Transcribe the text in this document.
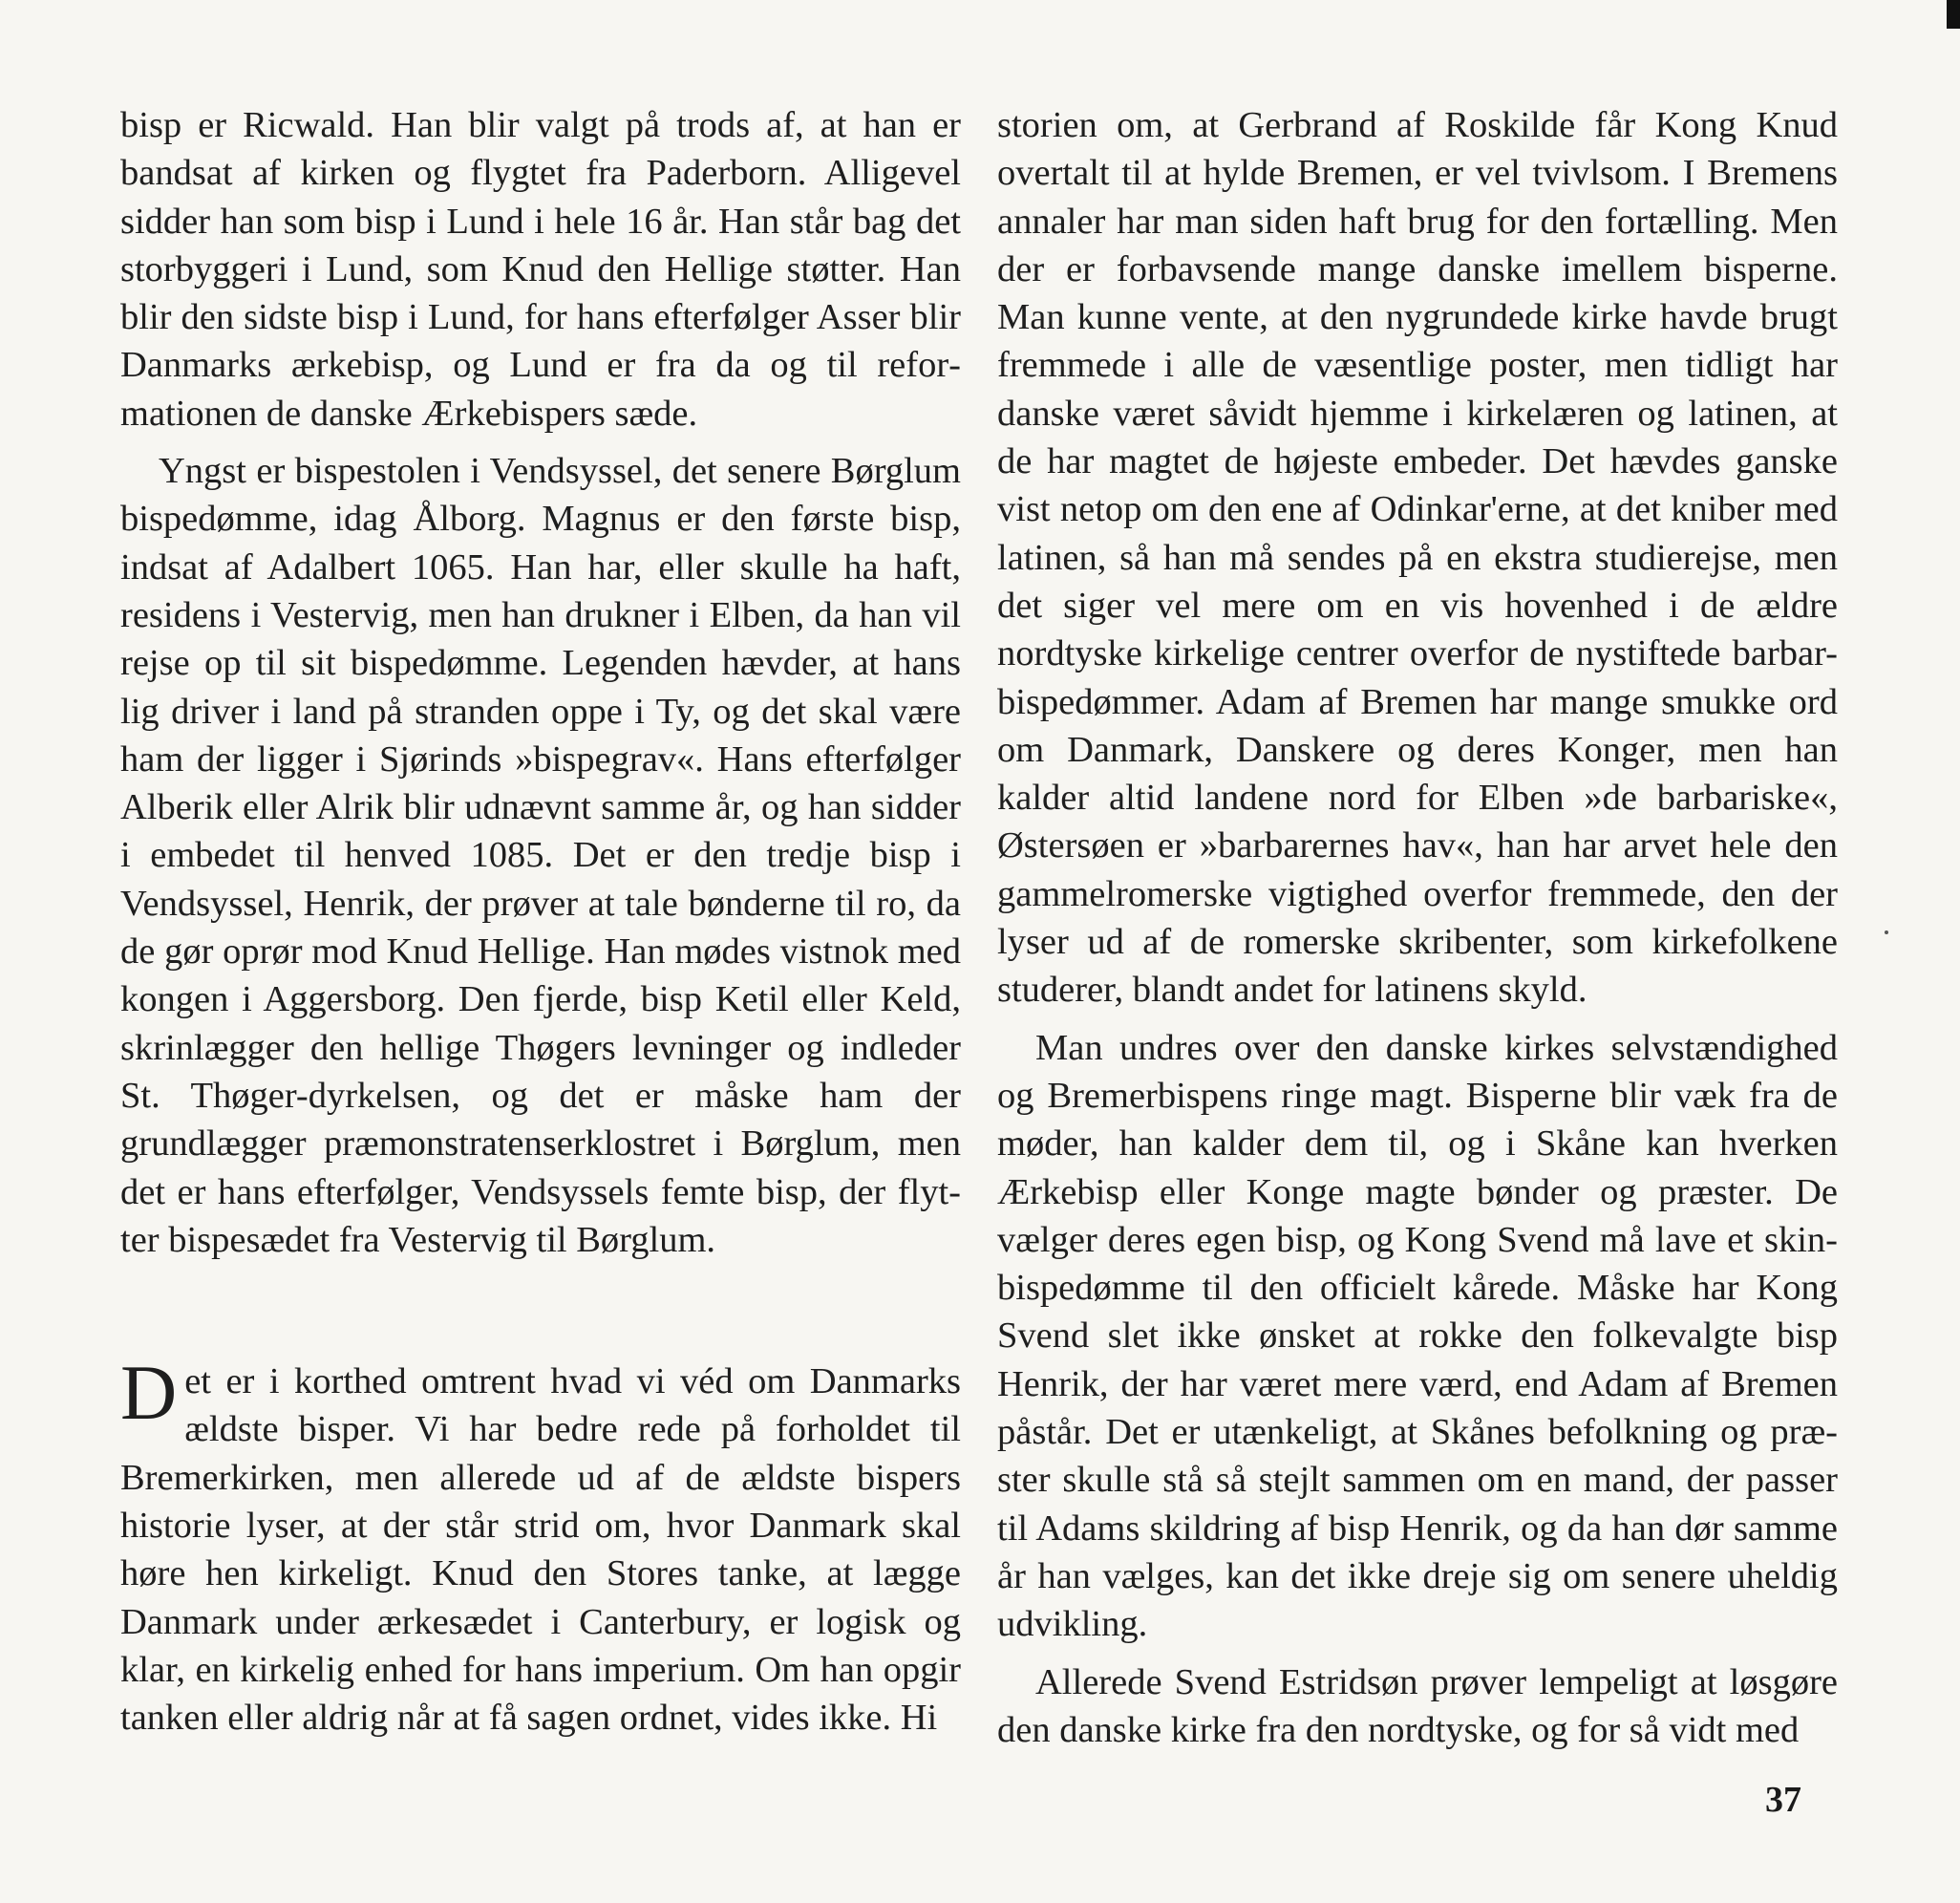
bisp er Ricwald. Han blir valgt på trods af, at han er bandsat af kirken og flygtet fra Paderborn. Alligevel sidder han som bisp i Lund i hele 16 år. Han står bag det storbyggeri i Lund, som Knud den Hellige støtter. Han blir den sidste bisp i Lund, for hans efterfølger Asser blir Danmarks ærkebisp, og Lund er fra da og til reformationen de danske Ærkebispers sæde.

Yngst er bispestolen i Vendsyssel, det senere Børglum bispedømme, idag Ålborg. Magnus er den første bisp, indsat af Adalbert 1065. Han har, eller skulle ha haft, residens i Vestervig, men han drukner i Elben, da han vil rejse op til sit bispedømme. Legenden hævder, at hans lig driver i land på stranden oppe i Ty, og det skal være ham der ligger i Sjørinds »bispegrav«. Hans efterfølger Alberik eller Alrik blir udnævnt samme år, og han sidder i embedet til henved 1085. Det er den tredje bisp i Vendsyssel, Henrik, der prøver at tale bønderne til ro, da de gør oprør mod Knud Hellige. Han mødes vistnok med kongen i Aggersborg. Den fjerde, bisp Ketil eller Keld, skrinlægger den hellige Thøgers levninger og indleder St. Thøger-dyrkelsen, og det er måske ham der grundlægger præmonstratenserklostret i Børglum, men det er hans efterfølger, Vendsyssels femte bisp, der flytter bispesædet fra Vestervig til Børglum.

Det er i korthed omtrent hvad vi véd om Danmarks ældste bisper. Vi har bedre rede på forholdet til Bremerkirken, men allerede ud af de ældste bispers historie lyser, at der står strid om, hvor Danmark skal høre hen kirkeligt. Knud den Stores tanke, at lægge Danmark under ærkesædet i Canterbury, er logisk og klar, en kirkelig enhed for hans imperium. Om han opgir tanken eller aldrig når at få sagen ordnet, vides ikke. Hi

storien om, at Gerbrand af Roskilde får Kong Knud overtalt til at hylde Bremen, er vel tvivlsom. I Bremens annaler har man siden haft brug for den fortælling. Men der er forbavsende mange danske imellem bisperne. Man kunne vente, at den nygrundede kirke havde brugt fremmede i alle de væsentlige poster, men tidligt har danske været såvidt hjemme i kirkelæren og latinen, at de har magtet de højeste embeder. Det hævdes ganske vist netop om den ene af Odinkar'erne, at det kniber med latinen, så han må sendes på en ekstra studierejse, men det siger vel mere om en vis hovenhed i de ældre nordtyske kirkelige centrer overfor de nystiftede barbar-bispedømmer. Adam af Bremen har mange smukke ord om Danmark, Danskere og deres Konger, men han kalder altid landene nord for Elben »de barbariske«, Østersøen er »barbarernes hav«, han har arvet hele den gammelromerske vigtighed overfor fremmede, den der lyser ud af de romerske skribenter, som kirkefolkene studerer, blandt andet for latinens skyld.

Man undres over den danske kirkes selvstændighed og Bremerbispens ringe magt. Bisperne blir væk fra de møder, han kalder dem til, og i Skåne kan hverken Ærkebisp eller Konge magte bønder og præster. De vælger deres egen bisp, og Kong Svend må lave et skinbispedømme til den officielt kårede. Måske har Kong Svend slet ikke ønsket at rokke den folkevalgte bisp Henrik, der har været mere værd, end Adam af Bremen påstår. Det er utænkeligt, at Skånes befolkning og præster skulle stå så stejlt sammen om en mand, der passer til Adams skildring af bisp Henrik, og da han dør samme år han vælges, kan det ikke dreje sig om senere uheldig udvikling.

Allerede Svend Estridsøn prøver lempeligt at løsgøre den danske kirke fra den nordtyske, og for så vidt med

37
